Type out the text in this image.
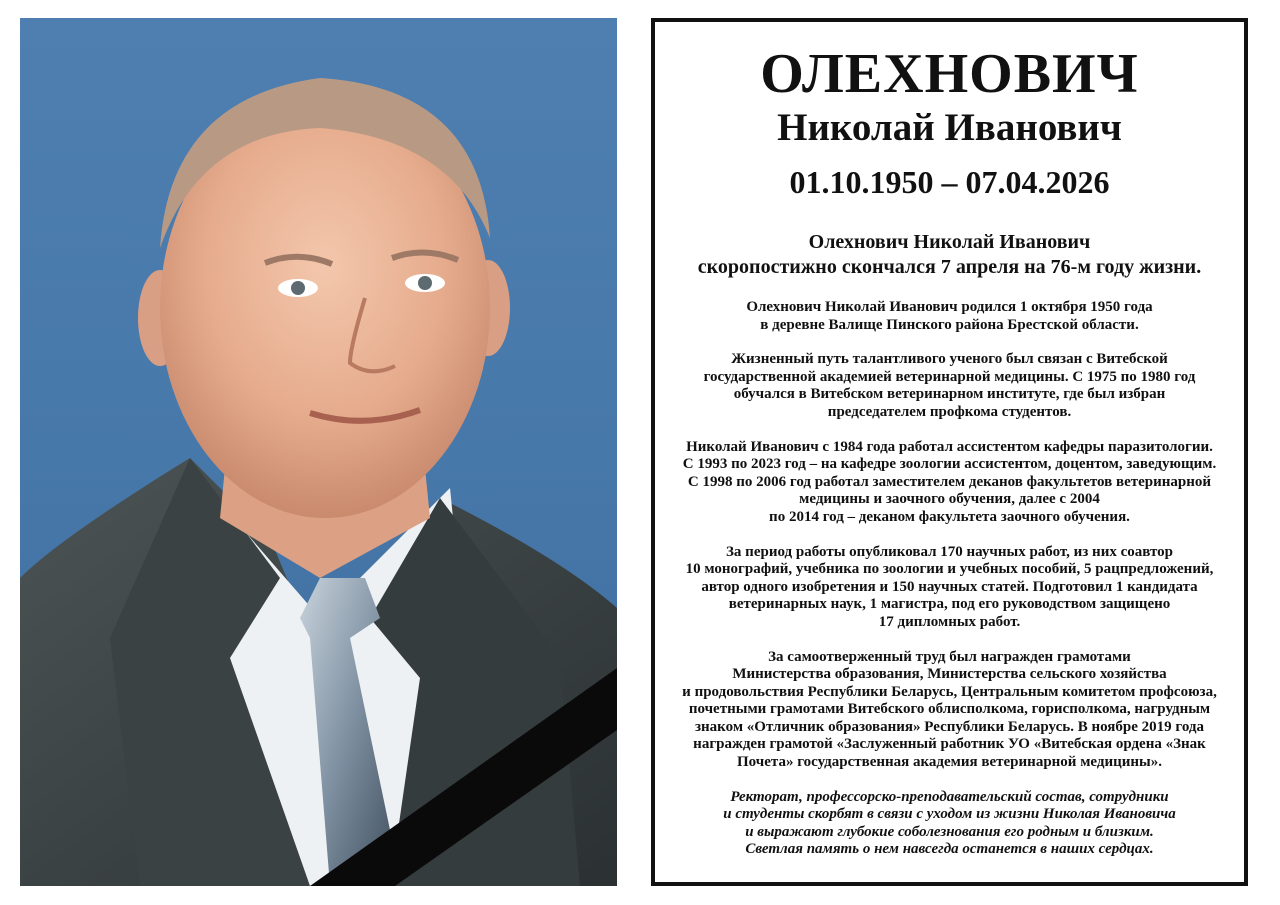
ОЛЕХНОВИЧ
Николай Иванович
01.10.1950 – 07.04.2026
Олехнович Николай Иванович
скоропостижно скончался 7 апреля на 76-м году жизни.
Олехнович Николай Иванович родился 1 октября 1950 года
в деревне Валище Пинского района Брестской области.
Жизненный путь талантливого ученого был связан с Витебской
государственной академией ветеринарной медицины. С 1975 по 1980 год
обучался в Витебском ветеринарном институте, где был избран
председателем профкома студентов.
Николай Иванович с 1984 года работал ассистентом кафедры паразитологии.
С 1993 по 2023 год – на кафедре зоологии ассистентом, доцентом, заведующим.
С 1998 по 2006 год работал заместителем деканов факультетов ветеринарной
медицины и заочного обучения, далее с 2004
по 2014 год – деканом факультета заочного обучения.
За период работы опубликовал 170 научных работ, из них соавтор
10 монографий, учебника по зоологии и учебных пособий, 5 рацпредложений,
автор одного изобретения и 150 научных статей. Подготовил 1 кандидата
ветеринарных наук, 1 магистра, под его руководством защищено
17 дипломных работ.
За самоотверженный труд был награжден грамотами
Министерства образования, Министерства сельского хозяйства
и продовольствия Республики Беларусь, Центральным комитетом профсоюза,
почетными грамотами Витебского облисполкома, горисполкома, нагрудным
знаком «Отличник образования» Республики Беларусь. В ноябре 2019 года
награжден грамотой «Заслуженный работник УО «Витебская ордена «Знак
Почета» государственная академия ветеринарной медицины».
Ректорат, профессорско-преподавательский состав, сотрудники
и студенты скорбят в связи с уходом из жизни Николая Ивановича
и выражают глубокие соболезнования его родным и близким.
Светлая память о нем навсегда останется в наших сердцах.
